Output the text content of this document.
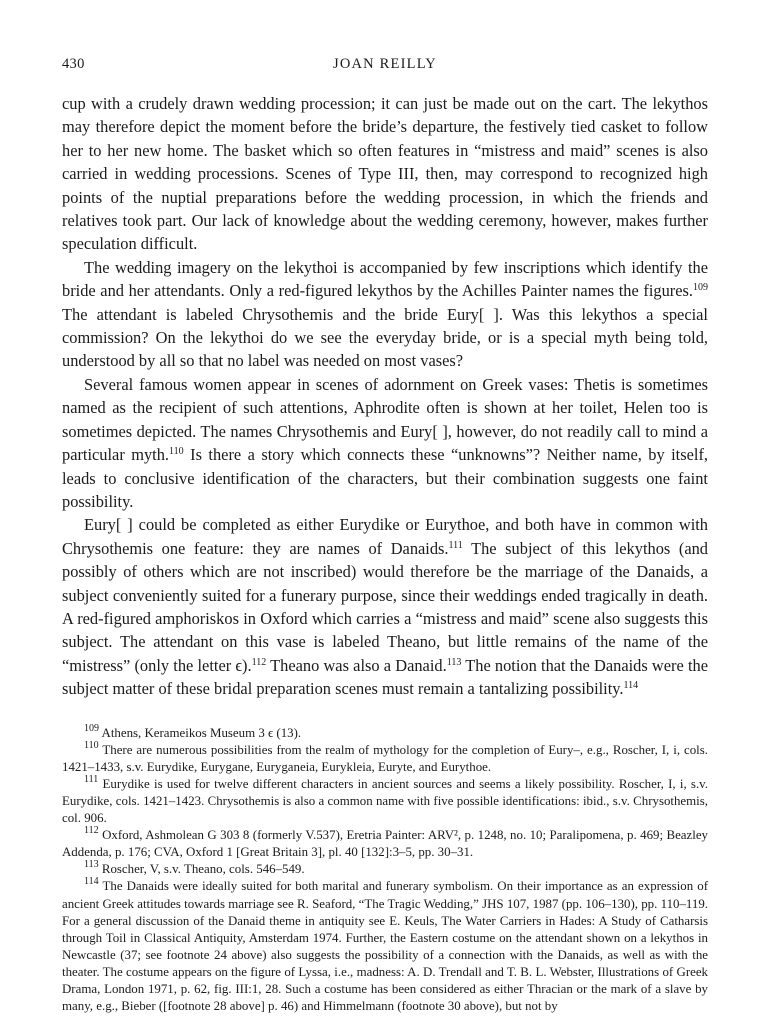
430	JOAN REILLY

cup with a crudely drawn wedding procession; it can just be made out on the cart. The lekythos may therefore depict the moment before the bride’s departure, the festively tied casket to follow her to her new home. The basket which so often features in “mistress and maid” scenes is also carried in wedding processions. Scenes of Type III, then, may correspond to recognized high points of the nuptial preparations before the wedding procession, in which the friends and relatives took part. Our lack of knowledge about the wedding ceremony, however, makes further speculation difficult.

The wedding imagery on the lekythoi is accompanied by few inscriptions which identify the bride and her attendants. Only a red-figured lekythos by the Achilles Painter names the figures.$^{109}$ The attendant is labeled Chrysothemis and the bride Eury[ ]. Was this lekythos a special commission? On the lekythoi do we see the everyday bride, or is a special myth being told, understood by all so that no label was needed on most vases?

Several famous women appear in scenes of adornment on Greek vases: Thetis is sometimes named as the recipient of such attentions, Aphrodite often is shown at her toilet, Helen too is sometimes depicted. The names Chrysothemis and Eury[ ], however, do not readily call to mind a particular myth.$^{110}$ Is there a story which connects these “unknowns”? Neither name, by itself, leads to conclusive identification of the characters, but their combination suggests one faint possibility.

Eury[ ] could be completed as either Eurydike or Eurythoe, and both have in common with Chrysothemis one feature: they are names of Danaids.$^{111}$ The subject of this lekythos (and possibly of others which are not inscribed) would therefore be the marriage of the Danaids, a subject conveniently suited for a funerary purpose, since their weddings ended tragically in death. A red-figured amphoriskos in Oxford which carries a “mistress and maid” scene also suggests this subject. The attendant on this vase is labeled Theano, but little remains of the name of the “mistress” (only the letter ϵ).$^{112}$ Theano was also a Danaid.$^{113}$ The notion that the Danaids were the subject matter of these bridal preparation scenes must remain a tantalizing possibility.$^{114}$

$^{109}$ Athens, Kerameikos Museum 3 ϵ (13).

$^{110}$ There are numerous possibilities from the realm of mythology for the completion of Eury–, e.g., Roscher, I, i, cols. 1421–1433, s.v. Eurydike, Eurygane, Euryganeia, Eurykleia, Euryte, and Eurythoe.

$^{111}$ Eurydike is used for twelve different characters in ancient sources and seems a likely possibility. Roscher, I, i, s.v. Eurydike, cols. 1421–1423. Chrysothemis is also a common name with five possible identifications: ibid., s.v. Chrysothemis, col. 906.

$^{112}$ Oxford, Ashmolean G 303 8 (formerly V.537), Eretria Painter: ARV², p. 1248, no. 10; Paralipomena, p. 469; Beazley Addenda, p. 176; CVA, Oxford 1 [Great Britain 3], pl. 40 [132]:3–5, pp. 30–31.

$^{113}$ Roscher, V, s.v. Theano, cols. 546–549.

$^{114}$ The Danaids were ideally suited for both marital and funerary symbolism. On their importance as an expression of ancient Greek attitudes towards marriage see R. Seaford, “The Tragic Wedding,” JHS 107, 1987 (pp. 106–130), pp. 110–119. For a general discussion of the Danaid theme in antiquity see E. Keuls, The Water Carriers in Hades: A Study of Catharsis through Toil in Classical Antiquity, Amsterdam 1974. Further, the Eastern costume on the attendant shown on a lekythos in Newcastle (37; see footnote 24 above) also suggests the possibility of a connection with the Danaids, as well as with the theater. The costume appears on the figure of Lyssa, i.e., madness: A. D. Trendall and T. B. L. Webster, Illustrations of Greek Drama, London 1971, p. 62, fig. III:1, 28. Such a costume has been considered as either Thracian or the mark of a slave by many, e.g., Bieber ([footnote 28 above] p. 46) and Himmelmann (footnote 30 above), but not by
